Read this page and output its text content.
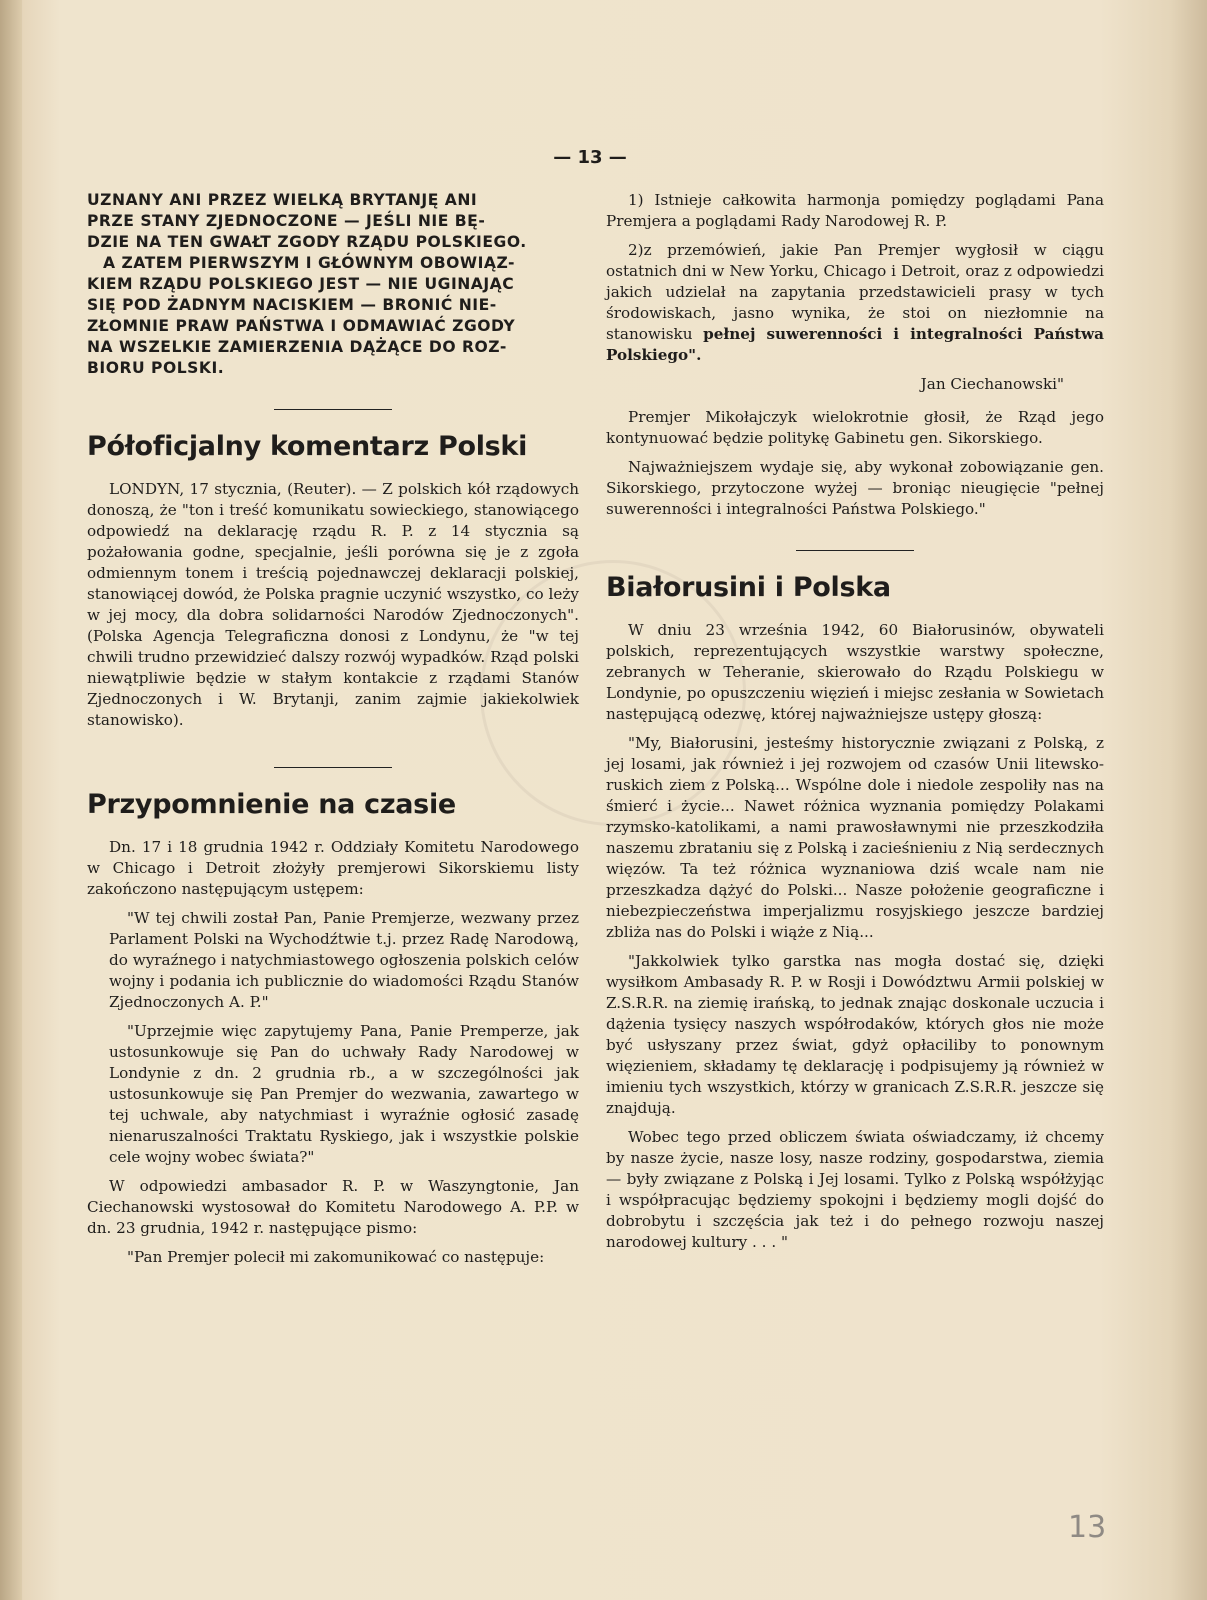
— 13 —

UZNANY ANI PRZEZ WIELKĄ BRYTANJĘ ANI

PRZE STANY ZJEDNOCZONE — JEŚLI NIE BĘ-

DZIE NA TEN GWAŁT ZGODY RZĄDU POLSKIEGO.

A ZATEM PIERWSZYM I GŁÓWNYM OBOWIĄZ-

KIEM RZĄDU POLSKIEGO JEST — NIE UGINAJĄC

SIĘ POD ŻADNYM NACISKIEM — BRONIĆ NIE-

ZŁOMNIE PRAW PAŃSTWA I ODMAWIAĆ ZGODY

NA WSZELKIE ZAMIERZENIA DĄŻĄCE DO ROZ-

BIORU POLSKI.

Półoficjalny komentarz Polski

LONDYN, 17 stycznia, (Reuter). — Z polskich kół rządowych donoszą, że "ton i treść komunikatu sowieckiego, stanowiącego odpowiedź na deklarację rządu R. P. z 14 stycznia są pożałowania godne, specjalnie, jeśli porówna się je z zgoła odmiennym tonem i treścią pojednawczej deklaracji polskiej, stanowiącej dowód, że Polska pragnie uczynić wszystko, co leży w jej mocy, dla dobra solidarności Narodów Zjednoczonych". (Polska Agencja Telegraficzna donosi z Londynu, że "w tej chwili trudno przewidzieć dalszy rozwój wypadków. Rząd polski niewątpliwie będzie w stałym kontakcie z rządami Stanów Zjednoczonych i W. Brytanji, zanim zajmie jakiekolwiek stanowisko).

Przypomnienie na czasie

Dn. 17 i 18 grudnia 1942 r. Oddziały Komitetu Narodowego w Chicago i Detroit złożyły premjerowi Sikorskiemu listy zakończono następującym ustępem:

"W tej chwili został Pan, Panie Premjerze, wezwany przez Parlament Polski na Wychodźtwie t.j. przez Radę Narodową, do wyraźnego i natychmiastowego ogłoszenia polskich celów wojny i podania ich publicznie do wiadomości Rządu Stanów Zjednoczonych A. P."

"Uprzejmie więc zapytujemy Pana, Panie Premperze, jak ustosunkowuje się Pan do uchwały Rady Narodowej w Londynie z dn. 2 grudnia rb., a w szczególności jak ustosunkowuje się Pan Premjer do wezwania, zawartego w tej uchwale, aby natychmiast i wyraźnie ogłosić zasadę nienaruszalności Traktatu Ryskiego, jak i wszystkie polskie cele wojny wobec świata?"

W odpowiedzi ambasador R. P. w Waszyngtonie, Jan Ciechanowski wystosował do Komitetu Narodowego A. P.P. w dn. 23 grudnia, 1942 r. następujące pismo:

"Pan Premjer polecił mi zakomunikować co następuje:

1) Istnieje całkowita harmonja pomiędzy poglądami Pana Premjera a poglądami Rady Narodowej R. P.

2)z przemówień, jakie Pan Premjer wygłosił w ciągu ostatnich dni w New Yorku, Chicago i Detroit, oraz z odpowiedzi jakich udzielał na zapytania przedstawicieli prasy w tych środowiskach, jasno wynika, że stoi on niezłomnie na stanowisku pełnej suwerenności i integralności Państwa Polskiego".

Jan Ciechanowski"

Premjer Mikołajczyk wielokrotnie głosił, że Rząd jego kontynuować będzie politykę Gabinetu gen. Sikorskiego.

Najważniejszem wydaje się, aby wykonał zobowiązanie gen. Sikorskiego, przytoczone wyżej — broniąc nieugięcie "pełnej suwerenności i integralności Państwa Polskiego."

Białorusini i Polska

W dniu 23 września 1942, 60 Białorusinów, obywateli polskich, reprezentujących wszystkie warstwy społeczne, zebranych w Teheranie, skierowało do Rządu Polskiegu w Londynie, po opuszczeniu więzień i miejsc zesłania w Sowietach następującą odezwę, której najważniejsze ustępy głoszą:

"My, Białorusini, jesteśmy historycznie związani z Polską, z jej losami, jak również i jej rozwojem od czasów Unii litewsko-ruskich ziem z Polską... Wspólne dole i niedole zespoliły nas na śmierć i życie... Nawet różnica wyznania pomiędzy Polakami rzymsko-katolikami, a nami prawosławnymi nie przeszkodziła naszemu zbrataniu się z Polską i zacieśnieniu z Nią serdecznych więzów. Ta też różnica wyznaniowa dziś wcale nam nie przeszkadza dążyć do Polski... Nasze położenie geograficzne i niebezpieczeństwa imperjalizmu rosyjskiego jeszcze bardziej zbliża nas do Polski i wiąże z Nią...

"Jakkolwiek tylko garstka nas mogła dostać się, dzięki wysiłkom Ambasady R. P. w Rosji i Dowództwu Armii polskiej w Z.S.R.R. na ziemię irańską, to jednak znając doskonale uczucia i dążenia tysięcy naszych współrodaków, których głos nie może być usłyszany przez świat, gdyż opłaciliby to ponownym więzieniem, składamy tę deklarację i podpisujemy ją również w imieniu tych wszystkich, którzy w granicach Z.S.R.R. jeszcze się znajdują.

Wobec tego przed obliczem świata oświadczamy, iż chcemy by nasze życie, nasze losy, nasze rodziny, gospodarstwa, ziemia — były związane z Polską i Jej losami. Tylko z Polską współżyjąc i współpracując będziemy spokojni i będziemy mogli dojść do dobrobytu i szczęścia jak też i do pełnego rozwoju naszej narodowej kultury . . . "

13
